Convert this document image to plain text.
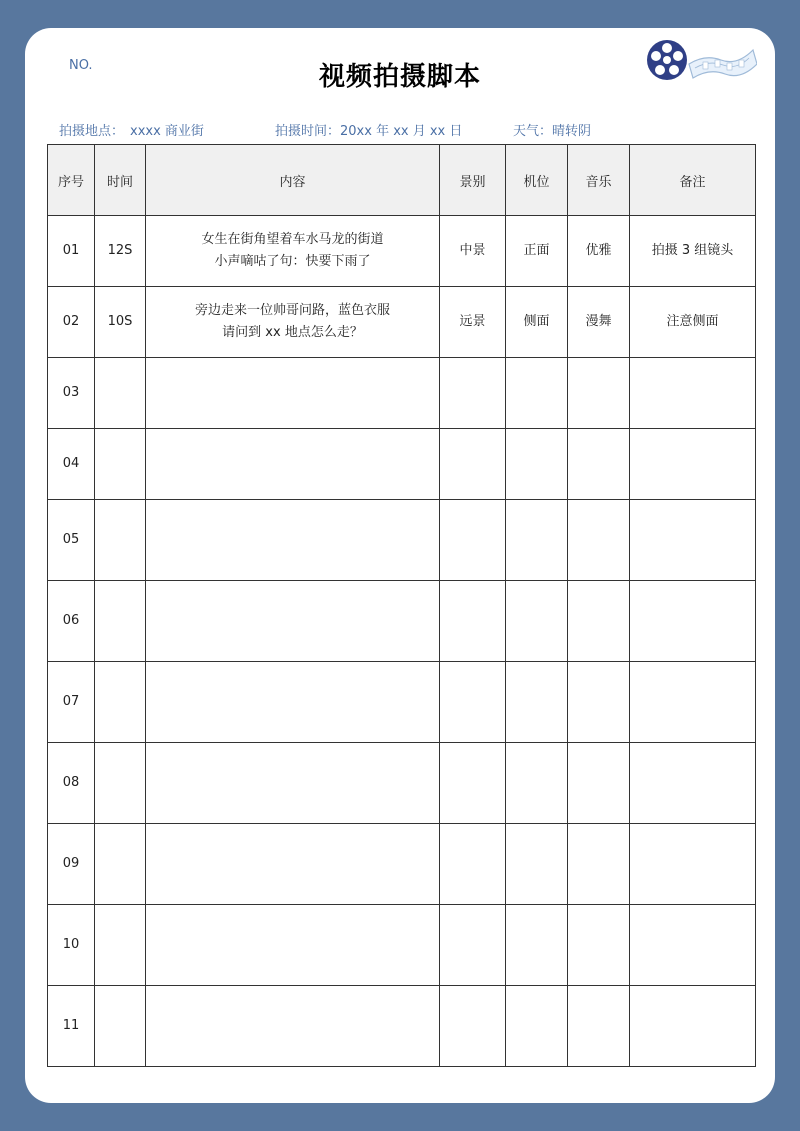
NO.	视频拍摄脚本
拍摄地点： xxxx 商业街	拍摄时间：20xx 年 xx 月 xx 日	天气：晴转阴
序号	时间	内容	景别	机位	音乐	备注
01	12S	女生在街角望着车水马龙的街道
小声嘀咕了句：快要下雨了	中景	正面	优雅	拍摄 3 组镜头
02	10S	旁边走来一位帅哥问路，蓝色衣服
请问到 xx 地点怎么走？	远景	侧面	漫舞	注意侧面
03		

04		

05		

06		

07		

08		

09		

10		

11		
